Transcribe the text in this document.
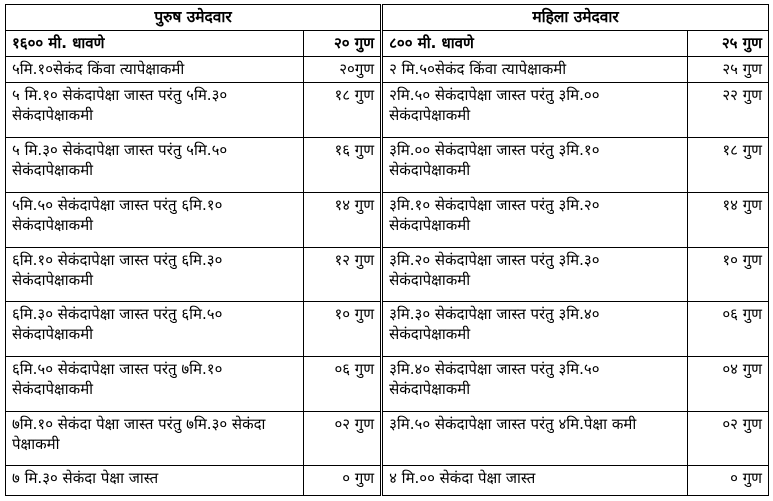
पुरुष उमेदवार		महिला उमेदवार	
१६०० मी. धावणे	२० गुण	८०० मी. धावणे	२५ गुण
५मि.१०सेकंद किंवा त्यापेक्षाकमी	२०गुण	२ मि.५०सेकंद किंवा त्यापेक्षाकमी	२५ गुण
५ मि.१० सेकंदापेक्षा जास्त परंतु ५मि.३० सेकंदापेक्षाकमी	१८ गुण	२मि.५० सेकंदापेक्षा जास्त परंतु ३मि.०० सेकंदापेक्षाकमी	२२ गुण
५ मि.३० सेकंदापेक्षा जास्त परंतु ५मि.५० सेकंदापेक्षाकमी	१६ गुण	३मि.०० सेकंदापेक्षा जास्त परंतु ३मि.१० सेकंदापेक्षाकमी	१८ गुण
५मि.५० सेकंदापेक्षा जास्त परंतु ६मि.१० सेकंदापेक्षाकमी	१४ गुण	३मि.१० सेकंदापेक्षा जास्त परंतु ३मि.२० सेकंदापेक्षाकमी	१४ गुण
६मि.१० सेकंदापेक्षा जास्त परंतु ६मि.३० सेकंदापेक्षाकमी	१२ गुण	३मि.२० सेकंदापेक्षा जास्त परंतु ३मि.३० सेकंदापेक्षाकमी	१० गुण
६मि.३० सेकंदापेक्षा जास्त परंतु ६मि.५० सेकंदापेक्षाकमी	१० गुण	३मि.३० सेकंदापेक्षा जास्त परंतु ३मि.४० सेकंदापेक्षाकमी	०६ गुण
६मि.५० सेकंदापेक्षा जास्त परंतु ७मि.१० सेकंदापेक्षाकमी	०६ गुण	३मि.४० सेकंदापेक्षा जास्त परंतु ३मि.५० सेकंदापेक्षाकमी	०४ गुण
७मि.१० सेकंदा पेक्षा जास्त परंतु ७मि.३० सेकंदा पेक्षाकमी	०२ गुण	३मि.५० सेकंदापेक्षा जास्त परंतु ४मि.पेक्षा कमी	०२ गुण
७ मि.३० सेकंदा पेक्षा जास्त	० गुण	४ मि.०० सेकंदा पेक्षा जास्त	० गुण
